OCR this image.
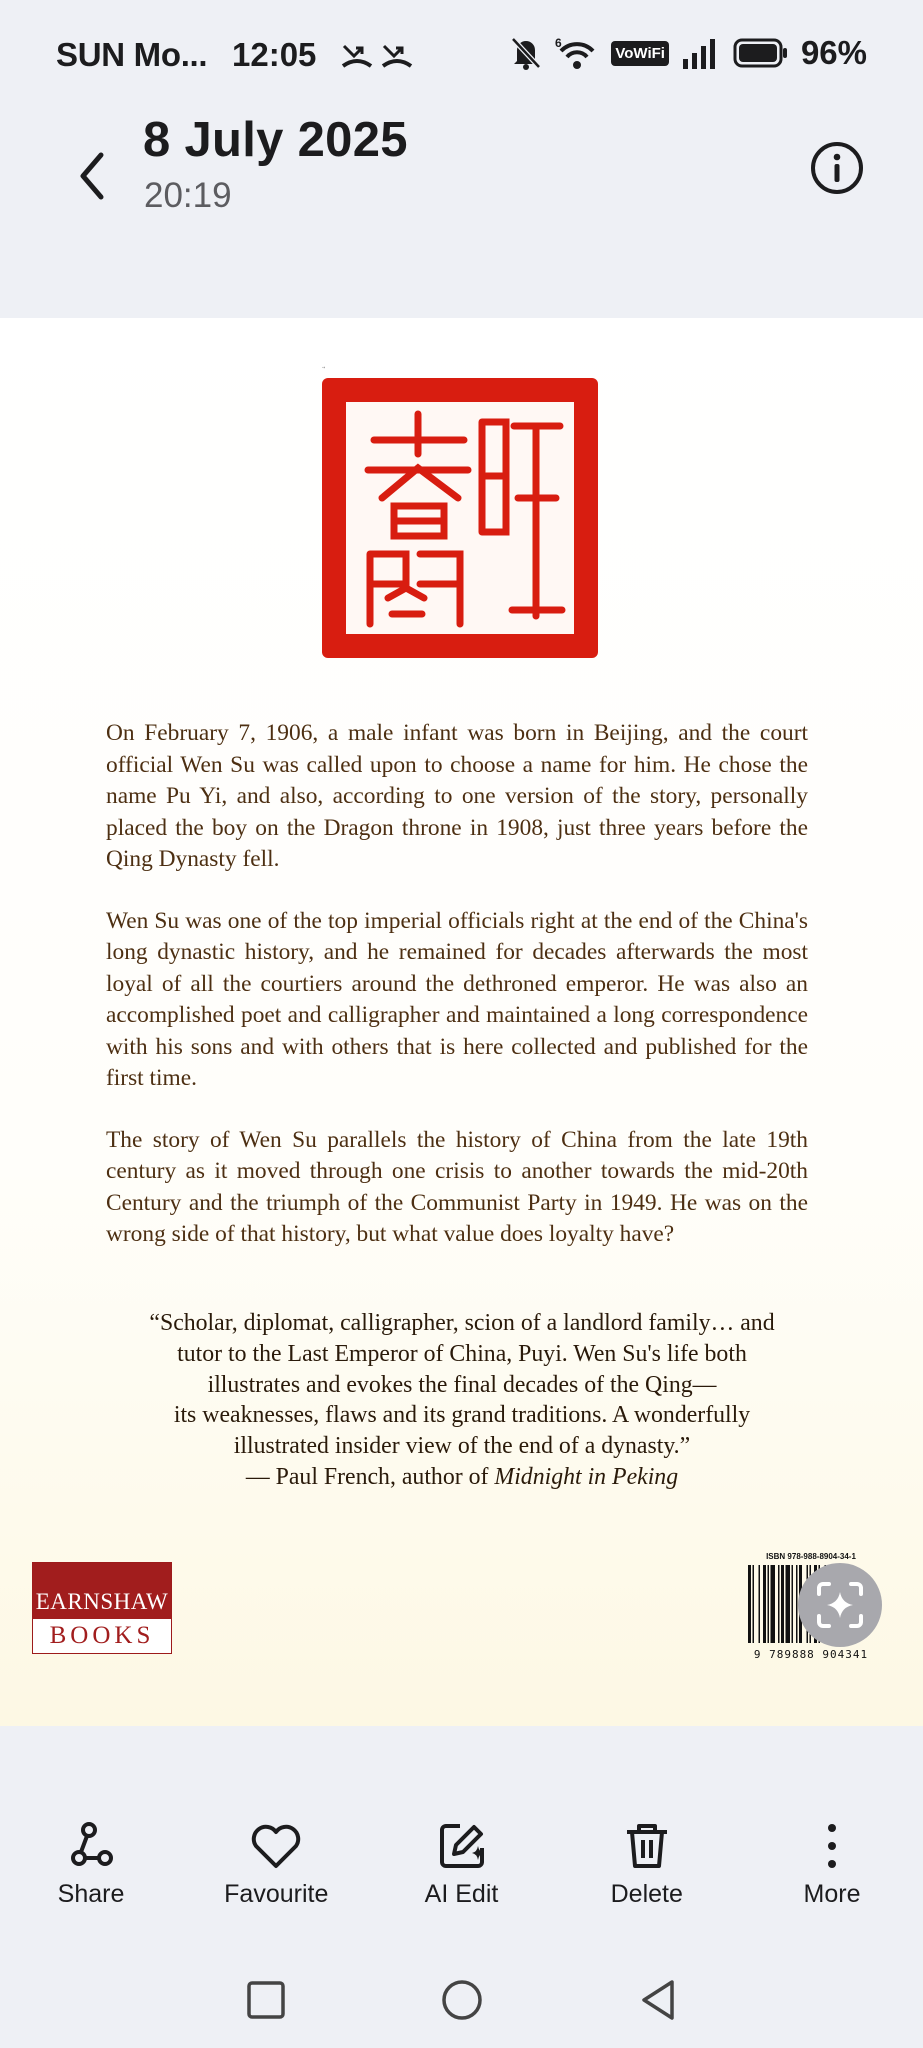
SUN Mo... 12:05	6
VoWiFi	96%
8 July 2025
20:19
旺春閣

On February 7, 1906, a male infant was born in Beijing, and the court official Wen Su was called upon to choose a name for him. He chose the name Pu Yi, and also, according to one version of the story, personally placed the boy on the Dragon throne in 1908, just three years before the Qing Dynasty fell.

Wen Su was one of the top imperial officials right at the end of the China's long dynastic history, and he remained for decades afterwards the most loyal of all the courtiers around the dethroned emperor. He was also an accomplished poet and calligrapher and maintained a long correspondence with his sons and with others that is here collected and published for the first time.

The story of Wen Su parallels the history of China from the late 19th century as it moved through one crisis to another towards the mid-20th Century and the triumph of the Communist Party in 1949. He was on the wrong side of that history, but what value does loyalty have?

“Scholar, diplomat, calligrapher, scion of a landlord family… and
tutor to the Last Emperor of China, Puyi. Wen Su's life both
illustrates and evokes the final decades of the Qing—
its weaknesses, flaws and its grand traditions. A wonderfully
illustrated insider view of the end of a dynasty.”
— Paul French, author of Midnight in Peking
EARNSHAW
BOOKS
ISBN 978-988-8904-34-1
9 789888 904341
Share	Favourite	AI Edit	Delete	More
